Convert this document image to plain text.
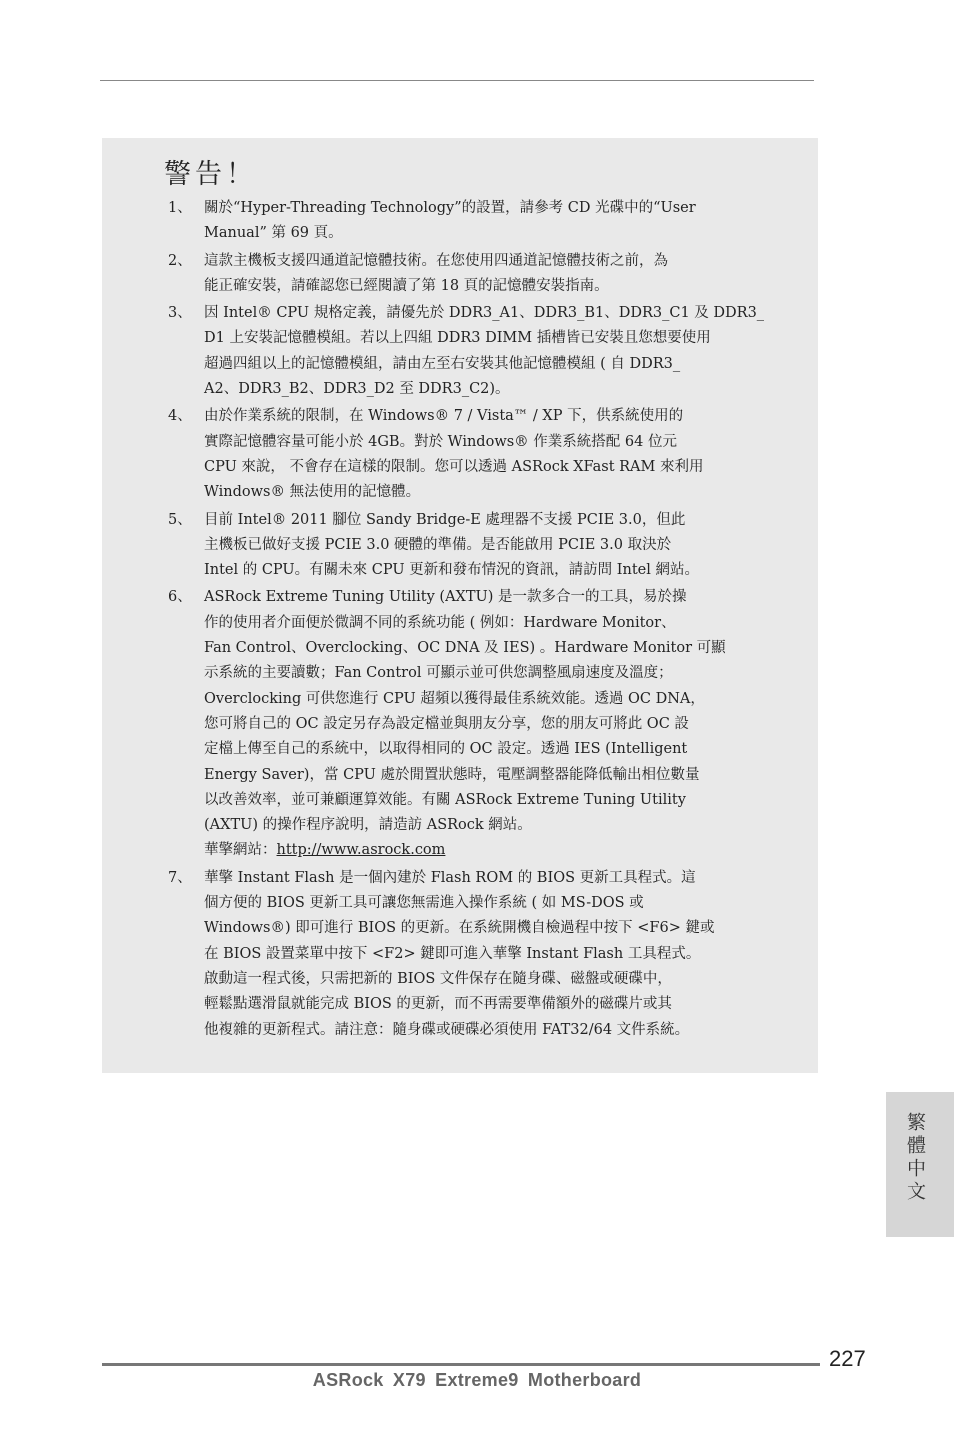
警告！
1、 關於“Hyper-Threading Technology”的設置，請參考 CD 光碟中的“User
Manual” 第 69 頁。
2、 這款主機板支援四通道記憶體技術。在您使用四通道記憶體技術之前，為
能正確安裝，請確認您已經閱讀了第 18 頁的記憶體安裝指南。
3、 因 Intel® CPU 規格定義，請優先於 DDR3_A1、DDR3_B1、DDR3_C1 及 DDR3_
D1 上安裝記憶體模組。若以上四組 DDR3 DIMM 插槽皆已安裝且您想要使用
超過四組以上的記憶體模組，請由左至右安裝其他記憶體模組 ( 自 DDR3_
A2、DDR3_B2、DDR3_D2 至 DDR3_C2)。
4、 由於作業系統的限制，在 Windows® 7 / Vista™ / XP 下，供系統使用的
實際記憶體容量可能小於 4GB。對於 Windows® 作業系統搭配 64 位元
CPU 來說， 不會存在這樣的限制。您可以透過 ASRock XFast RAM 來利用
Windows® 無法使用的記憶體。
5、 目前 Intel® 2011 腳位 Sandy Bridge-E 處理器不支援 PCIE 3.0，但此
主機板已做好支援 PCIE 3.0 硬體的準備。是否能啟用 PCIE 3.0 取決於
Intel 的 CPU。有關未來 CPU 更新和發布情況的資訊，請訪問 Intel 網站。
6、 ASRock Extreme Tuning Utility (AXTU) 是一款多合一的工具，易於操
作的使用者介面便於微調不同的系統功能 ( 例如：Hardware Monitor、
Fan Control、Overclocking、OC DNA 及 IES) 。Hardware Monitor 可顯
示系統的主要讀數；Fan Control 可顯示並可供您調整風扇速度及溫度；
Overclocking 可供您進行 CPU 超頻以獲得最佳系統效能。透過 OC DNA，
您可將自己的 OC 設定另存為設定檔並與朋友分享，您的朋友可將此 OC 設
定檔上傳至自己的系統中，以取得相同的 OC 設定。透過 IES (Intelligent
Energy Saver)，當 CPU 處於閒置狀態時，電壓調整器能降低輸出相位數量
以改善效率，並可兼顧運算效能。有關 ASRock Extreme Tuning Utility
(AXTU) 的操作程序說明，請造訪 ASRock 網站。
華擎網站：http://www.asrock.com
7、 華擎 Instant Flash 是一個內建於 Flash ROM 的 BIOS 更新工具程式。這
個方便的 BIOS 更新工具可讓您無需進入操作系統 ( 如 MS-DOS 或
Windows®) 即可進行 BIOS 的更新。在系統開機自檢過程中按下 <F6> 鍵或
在 BIOS 設置菜單中按下 <F2> 鍵即可進入華擎 Instant Flash 工具程式。
啟動這一程式後，只需把新的 BIOS 文件保存在隨身碟、磁盤或硬碟中，
輕鬆點選滑鼠就能完成 BIOS 的更新，而不再需要準備額外的磁碟片或其
他複雜的更新程式。請注意：隨身碟或硬碟必須使用 FAT32/64 文件系統。
繁體中文
227
ASRock X79 Extreme9 Motherboard
